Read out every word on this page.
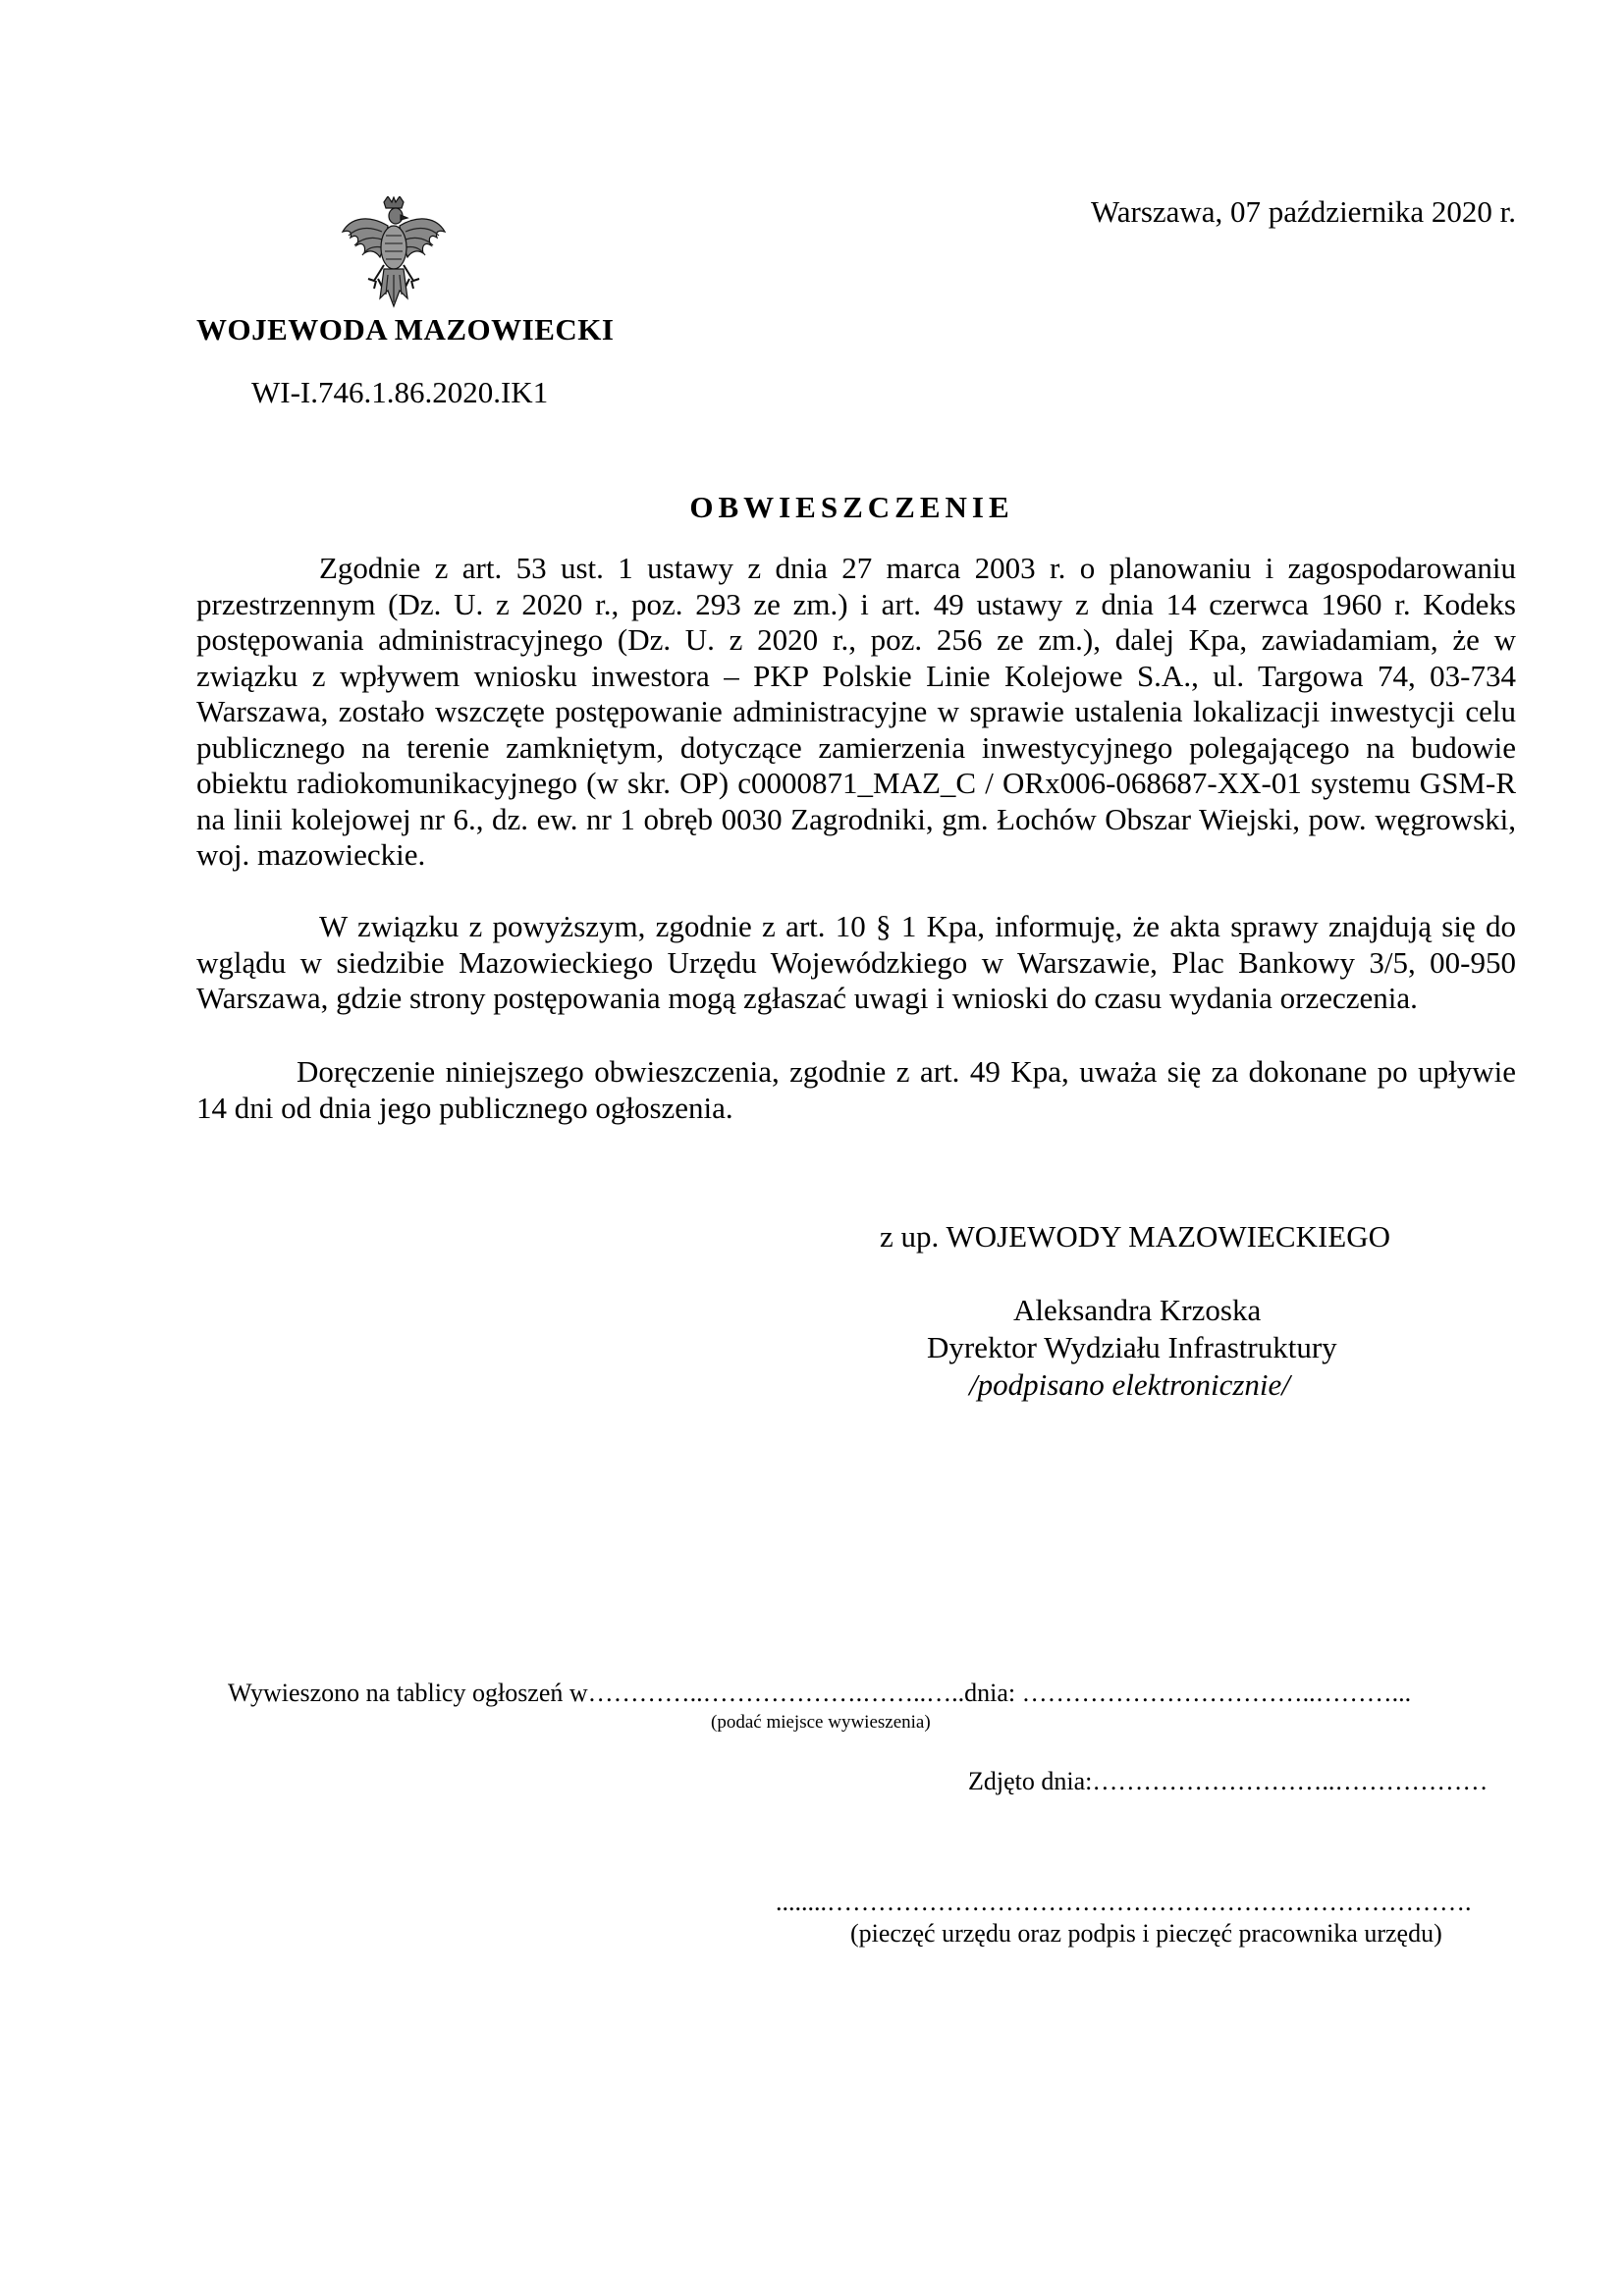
Warszawa, 07 października 2020 r.
WOJEWODA MAZOWIECKI
WI-I.746.1.86.2020.IK1
OBWIESZCZENIE

Zgodnie z art. 53 ust. 1 ustawy z dnia 27 marca 2003 r. o planowaniu i zagospodarowaniu przestrzennym (Dz. U. z 2020 r., poz. 293 ze zm.) i art. 49 ustawy z dnia 14 czerwca 1960 r. Kodeks postępowania administracyjnego (Dz. U. z 2020 r., poz. 256 ze zm.), dalej Kpa, zawiadamiam, że w związku z wpływem wniosku inwestora – PKP Polskie Linie Kolejowe S.A., ul. Targowa 74, 03-734 Warszawa, zostało wszczęte postępowanie administracyjne w sprawie ustalenia lokalizacji inwestycji celu publicznego na terenie zamkniętym, dotyczące zamierzenia inwestycyjnego polegającego na budowie obiektu radiokomunikacyjnego (w skr. OP) c0000871_MAZ_C / ORx006-068687-XX-01 systemu GSM-R na linii kolejowej nr 6., dz. ew. nr 1 obręb 0030 Zagrodniki, gm. Łochów Obszar Wiejski, pow. węgrowski, woj. mazowieckie.

W związku z powyższym, zgodnie z art. 10 § 1 Kpa, informuję, że akta sprawy znajdują się do wglądu w siedzibie Mazowieckiego Urzędu Wojewódzkiego w Warszawie, Plac Bankowy 3/5, 00-950 Warszawa, gdzie strony postępowania mogą zgłaszać uwagi i wnioski do czasu wydania orzeczenia.

Doręczenie niniejszego obwieszczenia, zgodnie z art. 49 Kpa, uważa się za dokonane po upływie 14 dni od dnia jego publicznego ogłoszenia.

z up. WOJEWODY MAZOWIECKIEGO
Aleksandra Krzoska
Dyrektor Wydziału Infrastruktury
/podpisano elektronicznie/
Wywieszono na tablicy ogłoszeń w…………..……………….……..…..dnia: ……………………………..………...
(podać miejsce wywieszenia)
Zdjęto dnia:………………………..………………
........………………………………………………………………….
(pieczęć urzędu oraz podpis i pieczęć pracownika urzędu)
